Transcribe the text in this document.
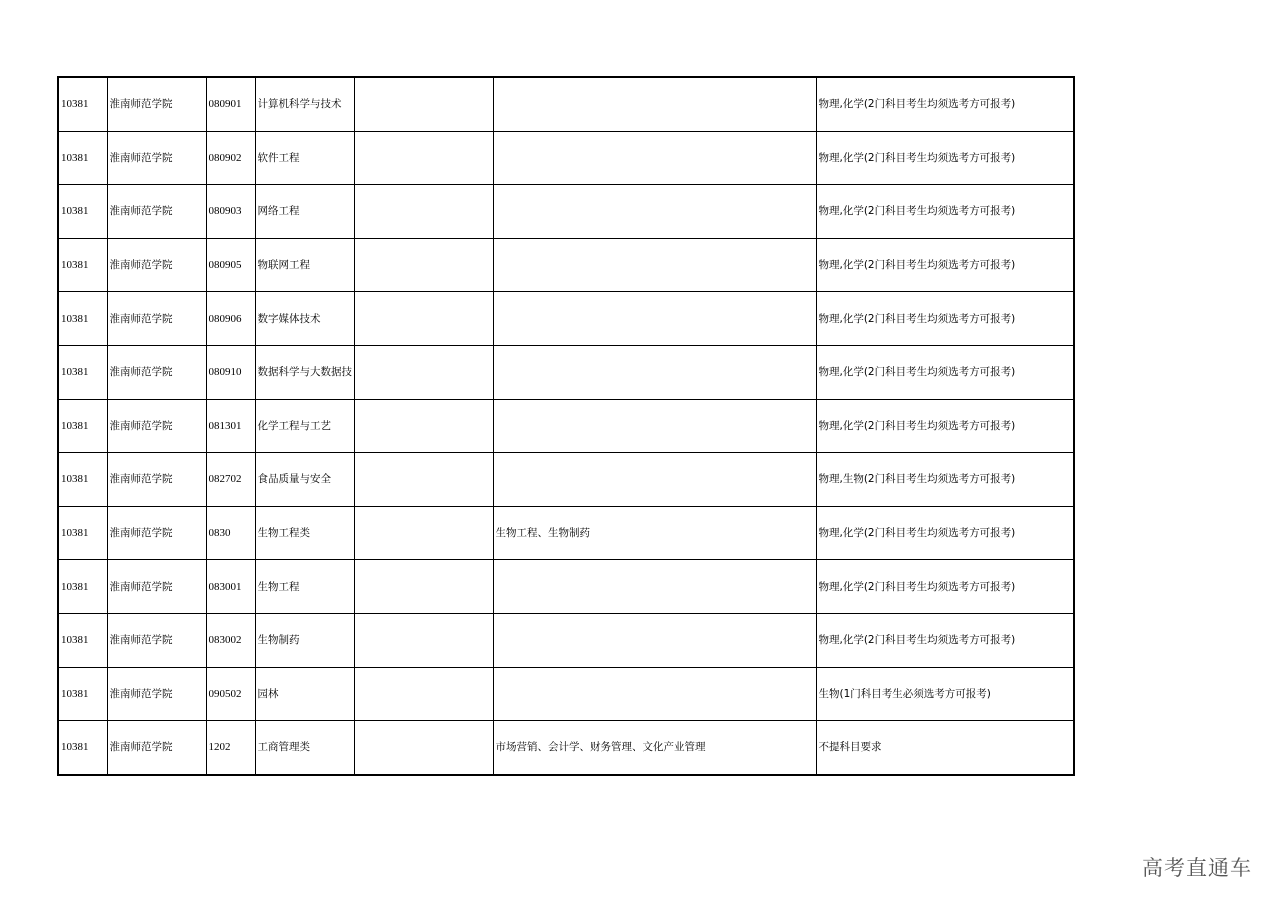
10381	淮南师范学院	080901	计算机科学与技术			物理,化学(2门科目考生均须选考方可报考)
10381	淮南师范学院	080902	软件工程			物理,化学(2门科目考生均须选考方可报考)
10381	淮南师范学院	080903	网络工程			物理,化学(2门科目考生均须选考方可报考)
10381	淮南师范学院	080905	物联网工程			物理,化学(2门科目考生均须选考方可报考)
10381	淮南师范学院	080906	数字媒体技术			物理,化学(2门科目考生均须选考方可报考)
10381	淮南师范学院	080910	数据科学与大数据技			物理,化学(2门科目考生均须选考方可报考)
10381	淮南师范学院	081301	化学工程与工艺			物理,化学(2门科目考生均须选考方可报考)
10381	淮南师范学院	082702	食品质量与安全			物理,生物(2门科目考生均须选考方可报考)
10381	淮南师范学院	0830	生物工程类		生物工程、生物制药	物理,化学(2门科目考生均须选考方可报考)
10381	淮南师范学院	083001	生物工程			物理,化学(2门科目考生均须选考方可报考)
10381	淮南师范学院	083002	生物制药			物理,化学(2门科目考生均须选考方可报考)
10381	淮南师范学院	090502	园林			生物(1门科目考生必须选考方可报考)
10381	淮南师范学院	1202	工商管理类		市场营销、会计学、财务管理、文化产业管理	不提科目要求
高考直通车
